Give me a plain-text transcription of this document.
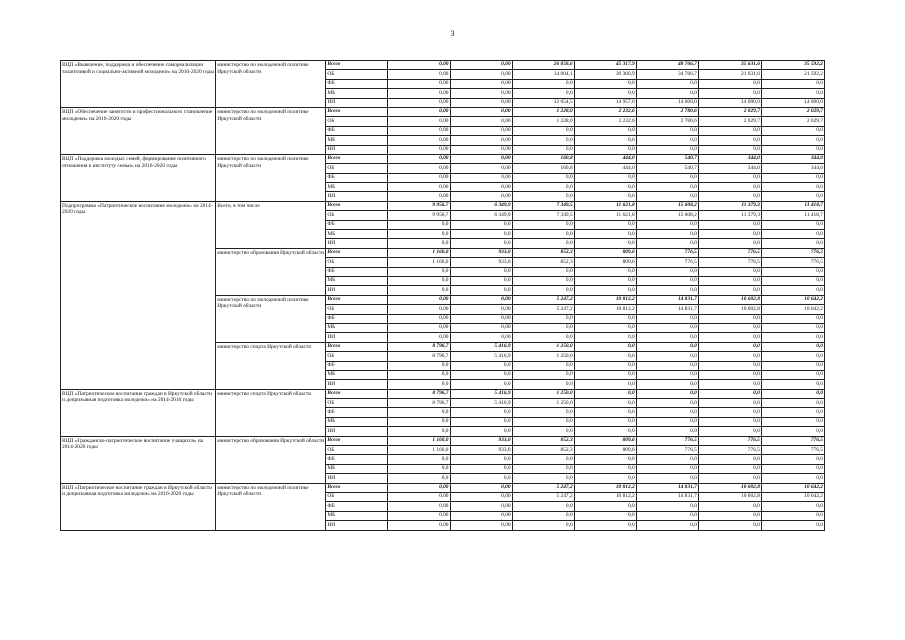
3
ВЦП «Выявление, поддержка и обеспечение самореализации талантливой и социально-активной молодежи» на 2016-2020 годы	министерство по молодежной политике Иркутской области	Всего	0,00	0,00	26 058,6	45 317,9	48 766,7	35 631,6	35 592,2
		ОБ	0,00	0,00	14 004,1	30 360,9	34 766,7	21 631,6	21 592,2
		ФБ	0,00	0,00	0,0	0,0	0,0	0,0	0,0
		МБ	0,00	0,00	0,0	0,0	0,0	0,0	0,0
		ИИ	0,00	0,00	12 054,5	14 957,0	14 000,0	14 000,0	14 000,0
ВЦП «Обеспечение занятости и профессионального становление молодежи» на 2016-2020 годы	министерство по молодежной политике Иркутской области	Всего	0,00	0,00	1 228,0	2 232,6	2 780,6	2 029,7	2 029,7
		ОБ	0,00	0,00	1 228,0	2 232,6	2 780,6	2 029,7	2 029,7
		ФБ	0,00	0,00	0,0	0,0	0,0	0,0	0,0
		МБ	0,00	0,00	0,0	0,0	0,0	0,0	0,0
		ИИ	0,00	0,00	0,0	0,0	0,0	0,0	0,0
ВЦП «Поддержка молодых семей, формирование позитивного отношения к институту семьи» на 2016-2020 годы	министерство по молодежной политике Иркутской области	Всего	0,00	0,00	160,8	444,0	540,7	344,0	344,0
		ОБ	0,00	0,00	160,8	444,0	540,7	344,0	344,0
		ФБ	0,00	0,00	0,0	0,0	0,0	0,0	0,0
		МБ	0,00	0,00	0,0	0,0	0,0	0,0	0,0
		ИИ	0,00	0,00	0,0	0,0	0,0	0,0	0,0
Подпрограмма «Патриотическое воспитание молодежи» на 2014-2020 годы	Всего, в том числе	Всего	9 956,7	6 349,9	7 349,5	11 621,8	15 608,2	11 379,3	11 418,7
		ОБ	9 956,7	6 349,9	7 349,5	11 621,8	15 608,2	11 379,3	11 418,7
		ФБ	0,0	0,0	0,0	0,0	0,0	0,0	0,0
		МБ	0,0	0,0	0,0	0,0	0,0	0,0	0,0
		ИИ	0,0	0,0	0,0	0,0	0,0	0,0	0,0
	министерство образования Иркутской области	Всего	1 160,0	933,0	852,3	809,6	776,5	776,5	776,5
		ОБ	1 160,0	933,0	852,3	809,6	776,5	776,5	776,5
		ФБ	0,0	0,0	0,0	0,0	0,0	0,0	0,0
		МБ	0,0	0,0	0,0	0,0	0,0	0,0	0,0
		ИИ	0,0	0,0	0,0	0,0	0,0	0,0	0,0
	министерство по молодежной политике Иркутской области	Всего	0,00	0,00	5 247,2	10 812,2	14 831,7	10 602,8	10 642,2
		ОБ	0,00	0,00	5 247,2	10 812,2	14 831,7	10 602,8	10 642,2
		ФБ	0,00	0,00	0,0	0,0	0,0	0,0	0,0
		МБ	0,00	0,00	0,0	0,0	0,0	0,0	0,0
		ИИ	0,00	0,00	0,0	0,0	0,0	0,0	0,0
	министерство спорта Иркутской области	Всего	8 796,7	5 416,9	1 250,0	0,0	0,0	0,0	0,0
		ОБ	8 796,7	5 416,9	1 250,0	0,0	0,0	0,0	0,0
		ФБ	0,0	0,0	0,0	0,0	0,0	0,0	0,0
		МБ	0,0	0,0	0,0	0,0	0,0	0,0	0,0
		ИИ	0,0	0,0	0,0	0,0	0,0	0,0	0,0
ВЦП «Патриотическое воспитание граждан в Иркутской области и допризывная подготовка молодежи» на 2014-2016 годы	министерство спорта Иркутской области	Всего	8 796,7	5 416,9	1 250,0	0,0	0,0	0,0	0,0
		ОБ	8 796,7	5 416,9	1 250,0	0,0	0,0	0,0	0,0
		ФБ	0,0	0,0	0,0	0,0	0,0	0,0	0,0
		МБ	0,0	0,0	0,0	0,0	0,0	0,0	0,0
		ИИ	0,0	0,0	0,0	0,0	0,0	0,0	0,0
ВЦП «Гражданско-патриотическое воспитание учащихся» на 2014-2020 годы	министерство образования Иркутской области	Всего	1 160,0	933,0	852,3	809,6	776,5	776,5	776,5
		ОБ	1 160,0	933,0	852,3	809,6	776,5	776,5	776,5
		ФБ	0,0	0,0	0,0	0,0	0,0	0,0	0,0
		МБ	0,0	0,0	0,0	0,0	0,0	0,0	0,0
		ИИ	0,0	0,0	0,0	0,0	0,0	0,0	0,0
ВЦП «Патриотическое воспитание граждан в Иркутской области и допризывная подготовка молодежи» на 2016-2020 годы	министерство по молодежной политике Иркутской области	Всего	0,00	0,00	5 247,2	10 812,2	14 831,7	10 602,8	10 642,2
		ОБ	0,00	0,00	5 247,2	10 812,2	14 831,7	10 602,8	10 642,2
		ФБ	0,00	0,00	0,0	0,0	0,0	0,0	0,0
		МБ	0,00	0,00	0,0	0,0	0,0	0,0	0,0
		ИИ	0,00	0,00	0,0	0,0	0,0	0,0	0,0
